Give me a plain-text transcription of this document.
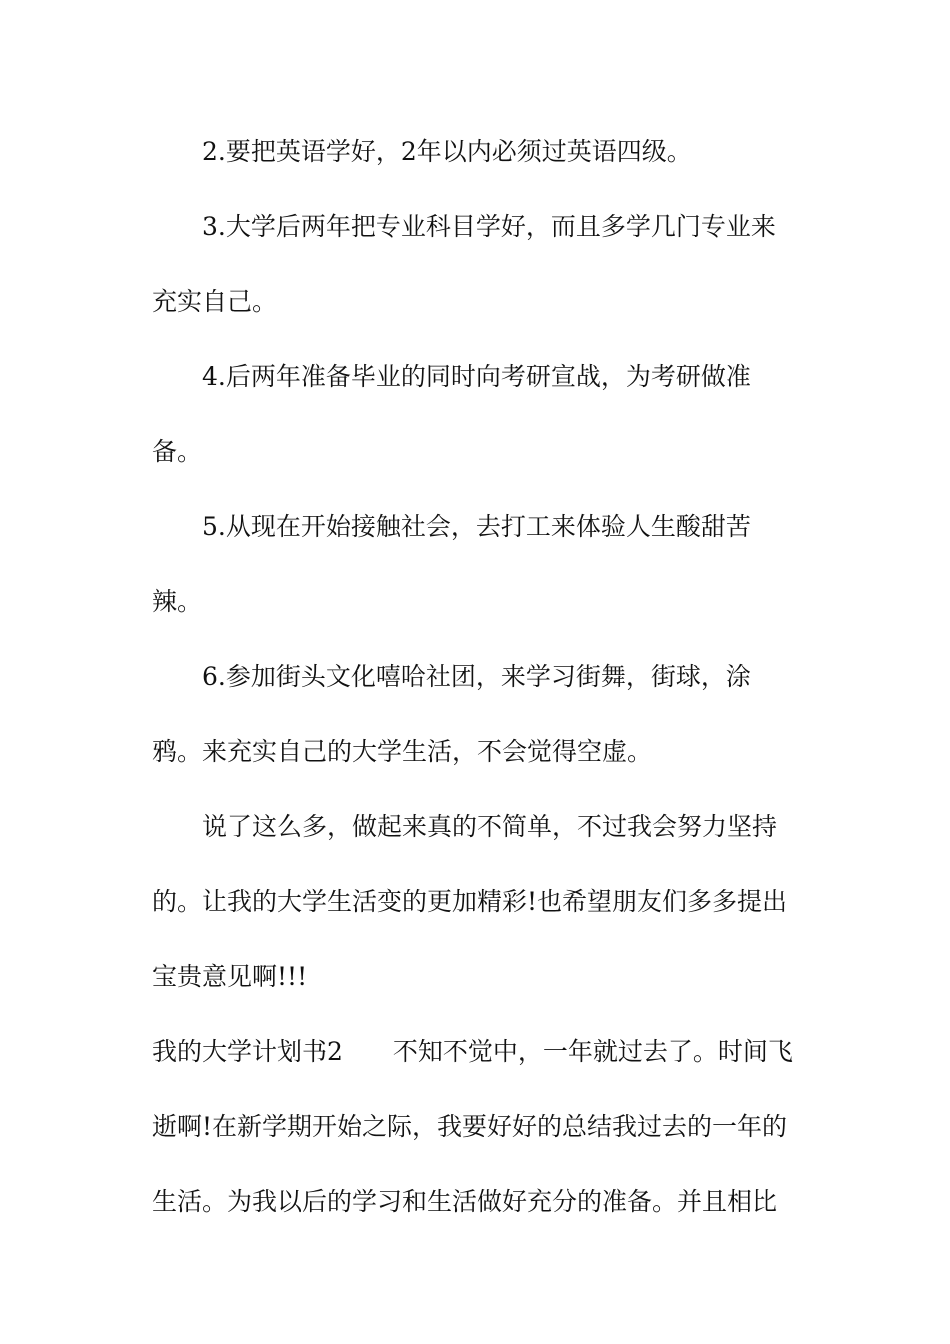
2.要把英语学好，2年以内必须过英语四级。

3.大学后两年把专业科目学好，而且多学几门专业来

充实自己。

4.后两年准备毕业的同时向考研宣战，为考研做准

备。

5.从现在开始接触社会，去打工来体验人生酸甜苦

辣。

6.参加街头文化嘻哈社团，来学习街舞，街球，涂

鸦。来充实自己的大学生活，不会觉得空虚。

说了这么多，做起来真的不简单，不过我会努力坚持

的。让我的大学生活变的更加精彩!也希望朋友们多多提出

宝贵意见啊!!!

我的大学计划书2　　不知不觉中，一年就过去了。时间飞

逝啊!在新学期开始之际，我要好好的总结我过去的一年的

生活。为我以后的学习和生活做好充分的准备。并且相比
